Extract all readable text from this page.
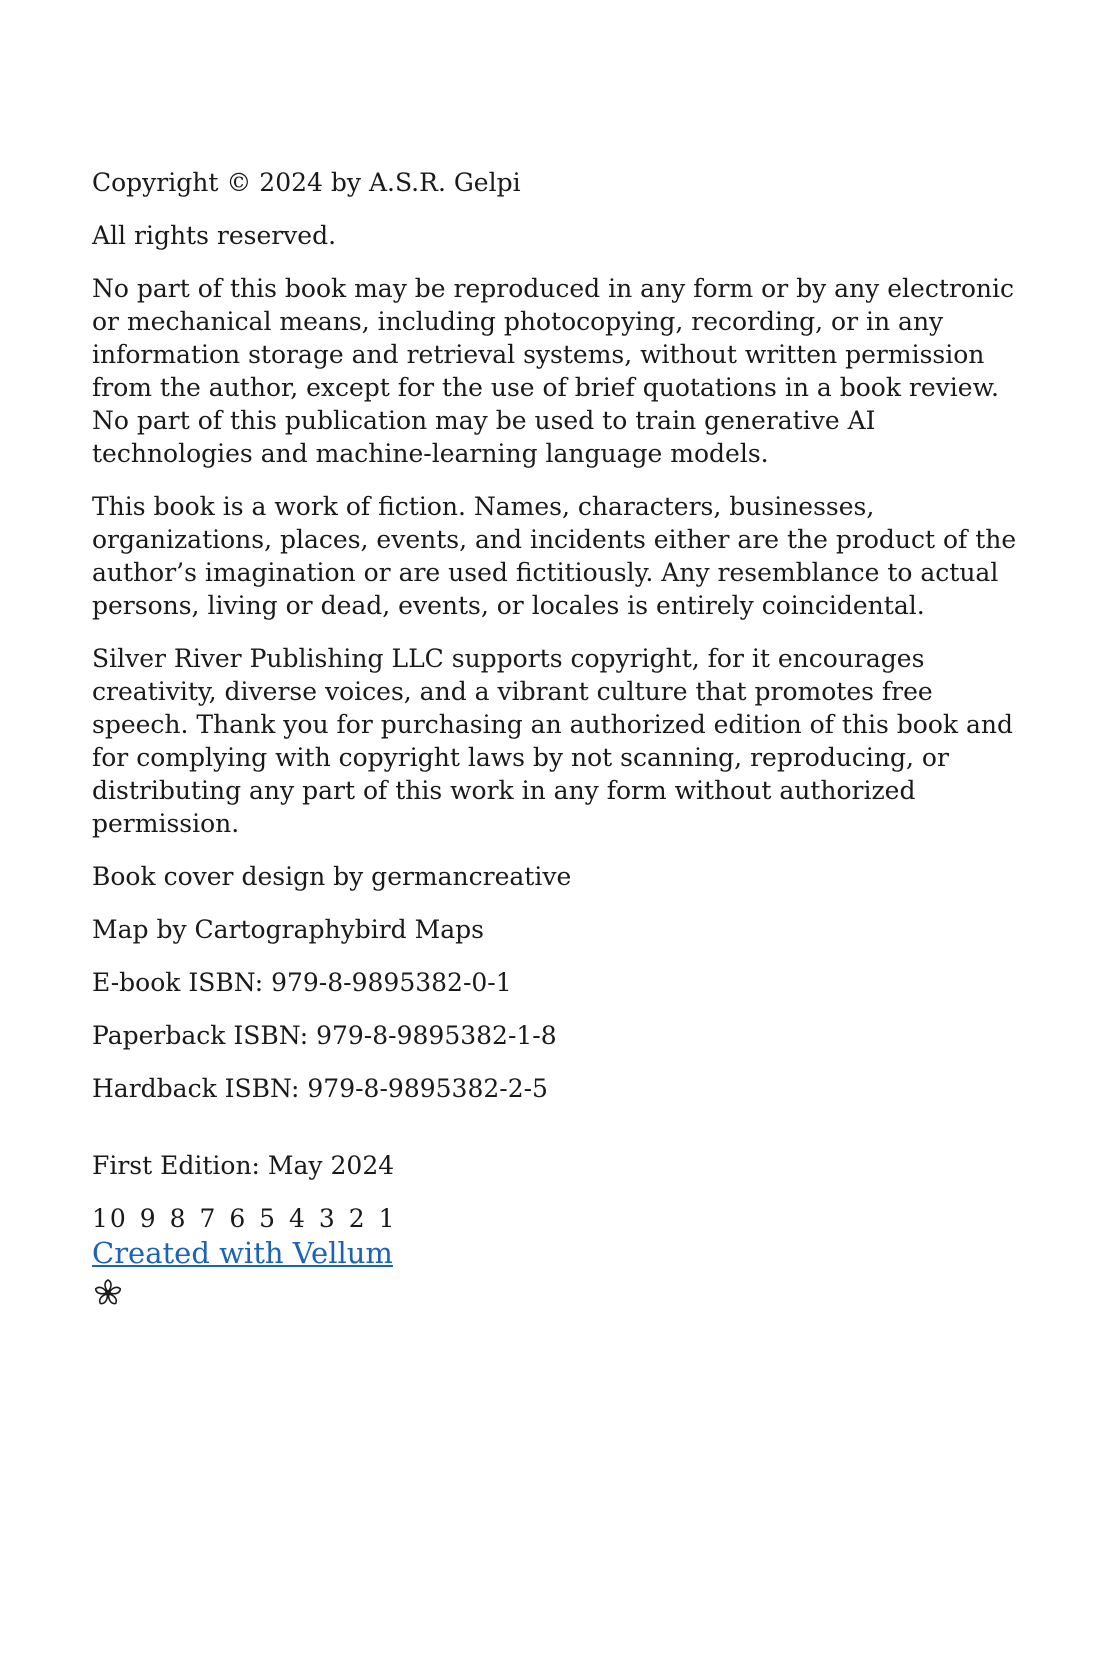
Copyright © 2024 by A.S.R. Gelpi

All rights reserved.

No part of this book may be reproduced in any form or by any electronic or mechanical means, including photocopying, recording, or in any information storage and retrieval systems, without written permission from the author, except for the use of brief quotations in a book review. No part of this publication may be used to train generative AI technologies and machine-learning language models.

This book is a work of fiction. Names, characters, businesses, organizations, places, events, and incidents either are the product of the author’s imagination or are used fictitiously. Any resemblance to actual persons, living or dead, events, or locales is entirely coincidental.

Silver River Publishing LLC supports copyright, for it encourages creativity, diverse voices, and a vibrant culture that promotes free speech. Thank you for purchasing an authorized edition of this book and for complying with copyright laws by not scanning, reproducing, or distributing any part of this work in any form without authorized permission.

Book cover design by germancreative

Map by Cartographybird Maps

E-book ISBN: 979-8-9895382-0-1

Paperback ISBN: 979-8-9895382-1-8

Hardback ISBN: 979-8-9895382-2-5

First Edition: May 2024

10 9 8 7 6 5 4 3 2 1

Created with Vellum
